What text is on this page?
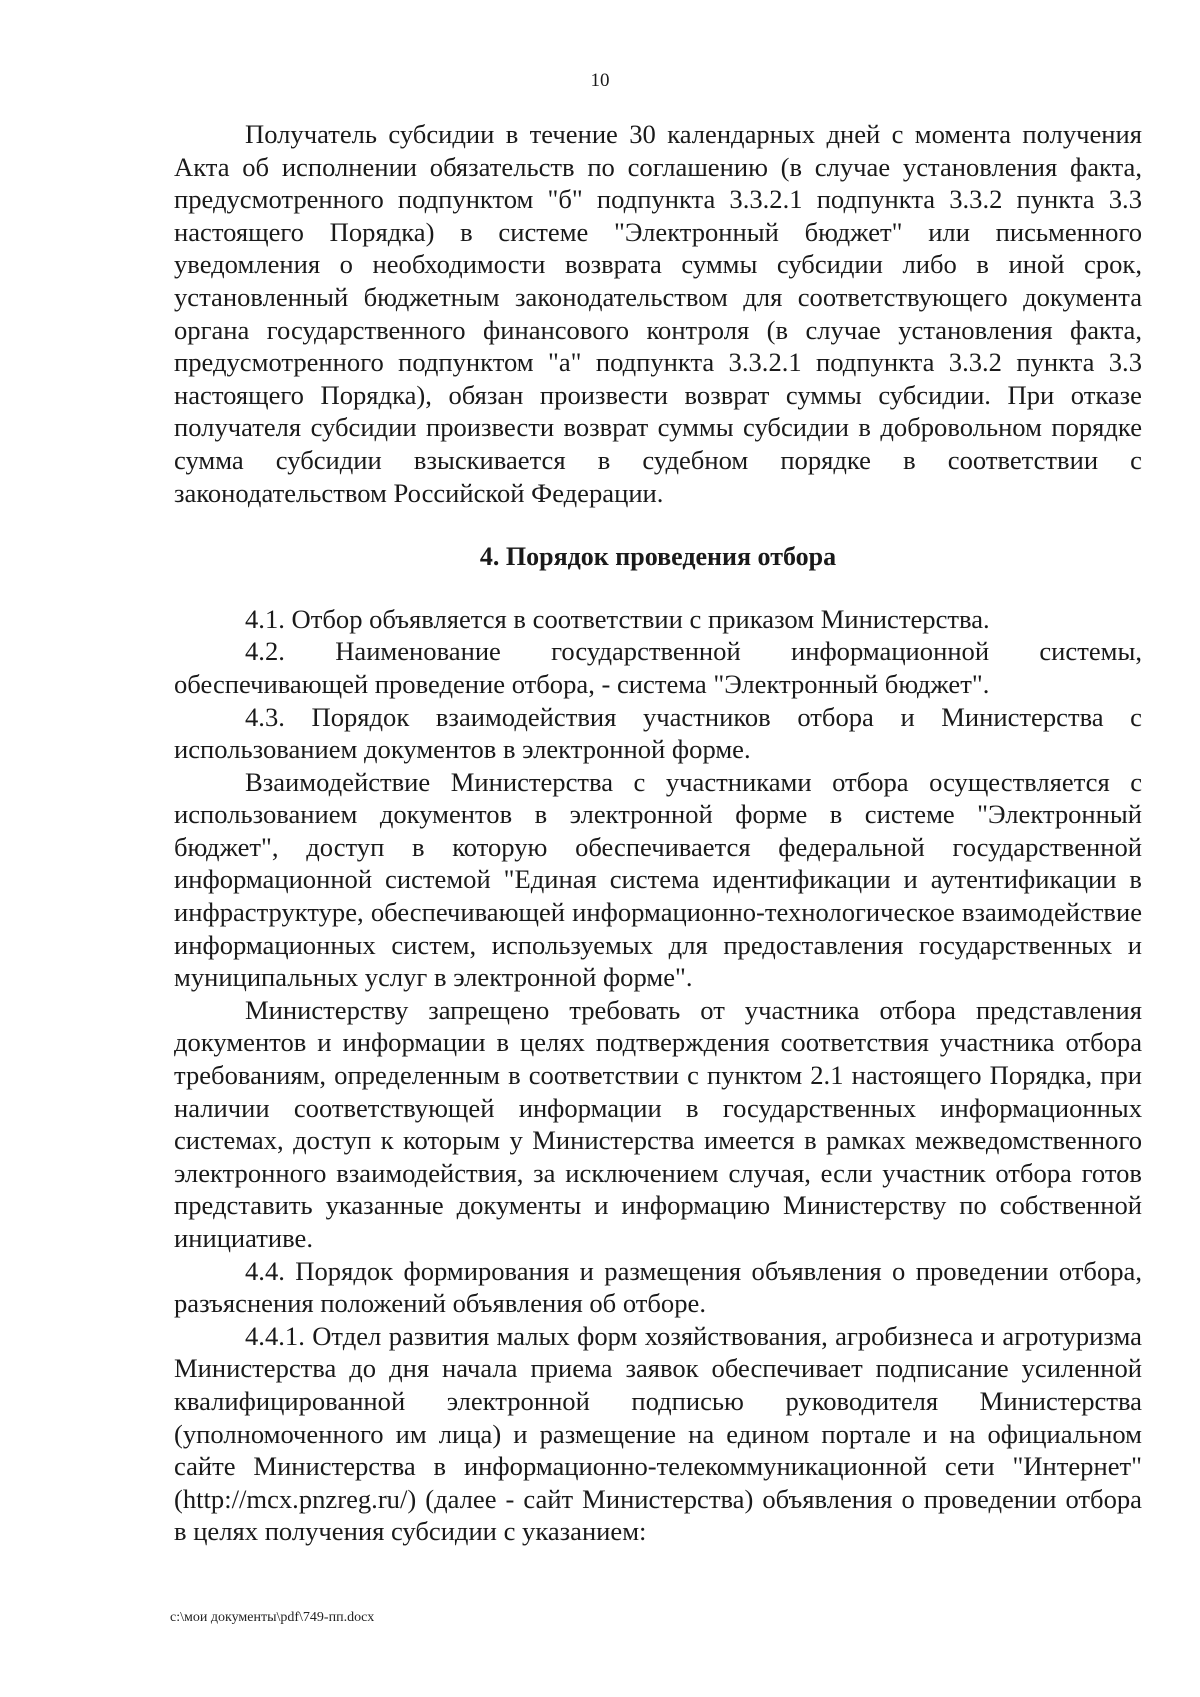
10

Получатель субсидии в течение 30 календарных дней с момента получения Акта об исполнении обязательств по соглашению (в случае установления факта, предусмотренного подпунктом "б" подпункта 3.3.2.1 подпункта 3.3.2 пункта 3.3 настоящего Порядка) в системе "Электронный бюджет" или письменного уведомления о необходимости возврата суммы субсидии либо в иной срок, установленный бюджетным законодательством для соответствующего документа органа государственного финансового контроля (в случае установления факта, предусмотренного подпунктом "а" подпункта 3.3.2.1 подпункта 3.3.2 пункта 3.3 настоящего Порядка), обязан произвести возврат суммы субсидии. При отказе получателя субсидии произвести возврат суммы субсидии в добровольном порядке сумма субсидии взыскивается в судебном порядке в соответствии с законодательством Российской Федерации.

4. Порядок проведения отбора

4.1. Отбор объявляется в соответствии с приказом Министерства.

4.2. Наименование государственной информационной системы, обеспечивающей проведение отбора, - система "Электронный бюджет".

4.3. Порядок взаимодействия участников отбора и Министерства с использованием документов в электронной форме.

Взаимодействие Министерства с участниками отбора осуществляется с использованием документов в электронной форме в системе "Электронный бюджет", доступ в которую обеспечивается федеральной государственной информационной системой "Единая система идентификации и аутентификации в инфраструктуре, обеспечивающей информационно-технологическое взаимодействие информационных систем, используемых для предоставления государственных и муниципальных услуг в электронной форме".

Министерству запрещено требовать от участника отбора представления документов и информации в целях подтверждения соответствия участника отбора требованиям, определенным в соответствии с пунктом 2.1 настоящего Порядка, при наличии соответствующей информации в государственных информационных системах, доступ к которым у Министерства имеется в рамках межведомственного электронного взаимодействия, за исключением случая, если участник отбора готов представить указанные документы и информацию Министерству по собственной инициативе.

4.4. Порядок формирования и размещения объявления о проведении отбора, разъяснения положений объявления об отборе.

4.4.1. Отдел развития малых форм хозяйствования, агробизнеса и агротуризма Министерства до дня начала приема заявок обеспечивает подписание усиленной квалифицированной электронной подписью руководителя Министерства (уполномоченного им лица) и размещение на едином портале и на официальном сайте Министерства в информационно-телекоммуникационной сети "Интернет" (http://mcx.pnzreg.ru/) (далее - сайт Министерства) объявления о проведении отбора в целях получения субсидии с указанием:

c:\мои документы\pdf\749-пп.docx
